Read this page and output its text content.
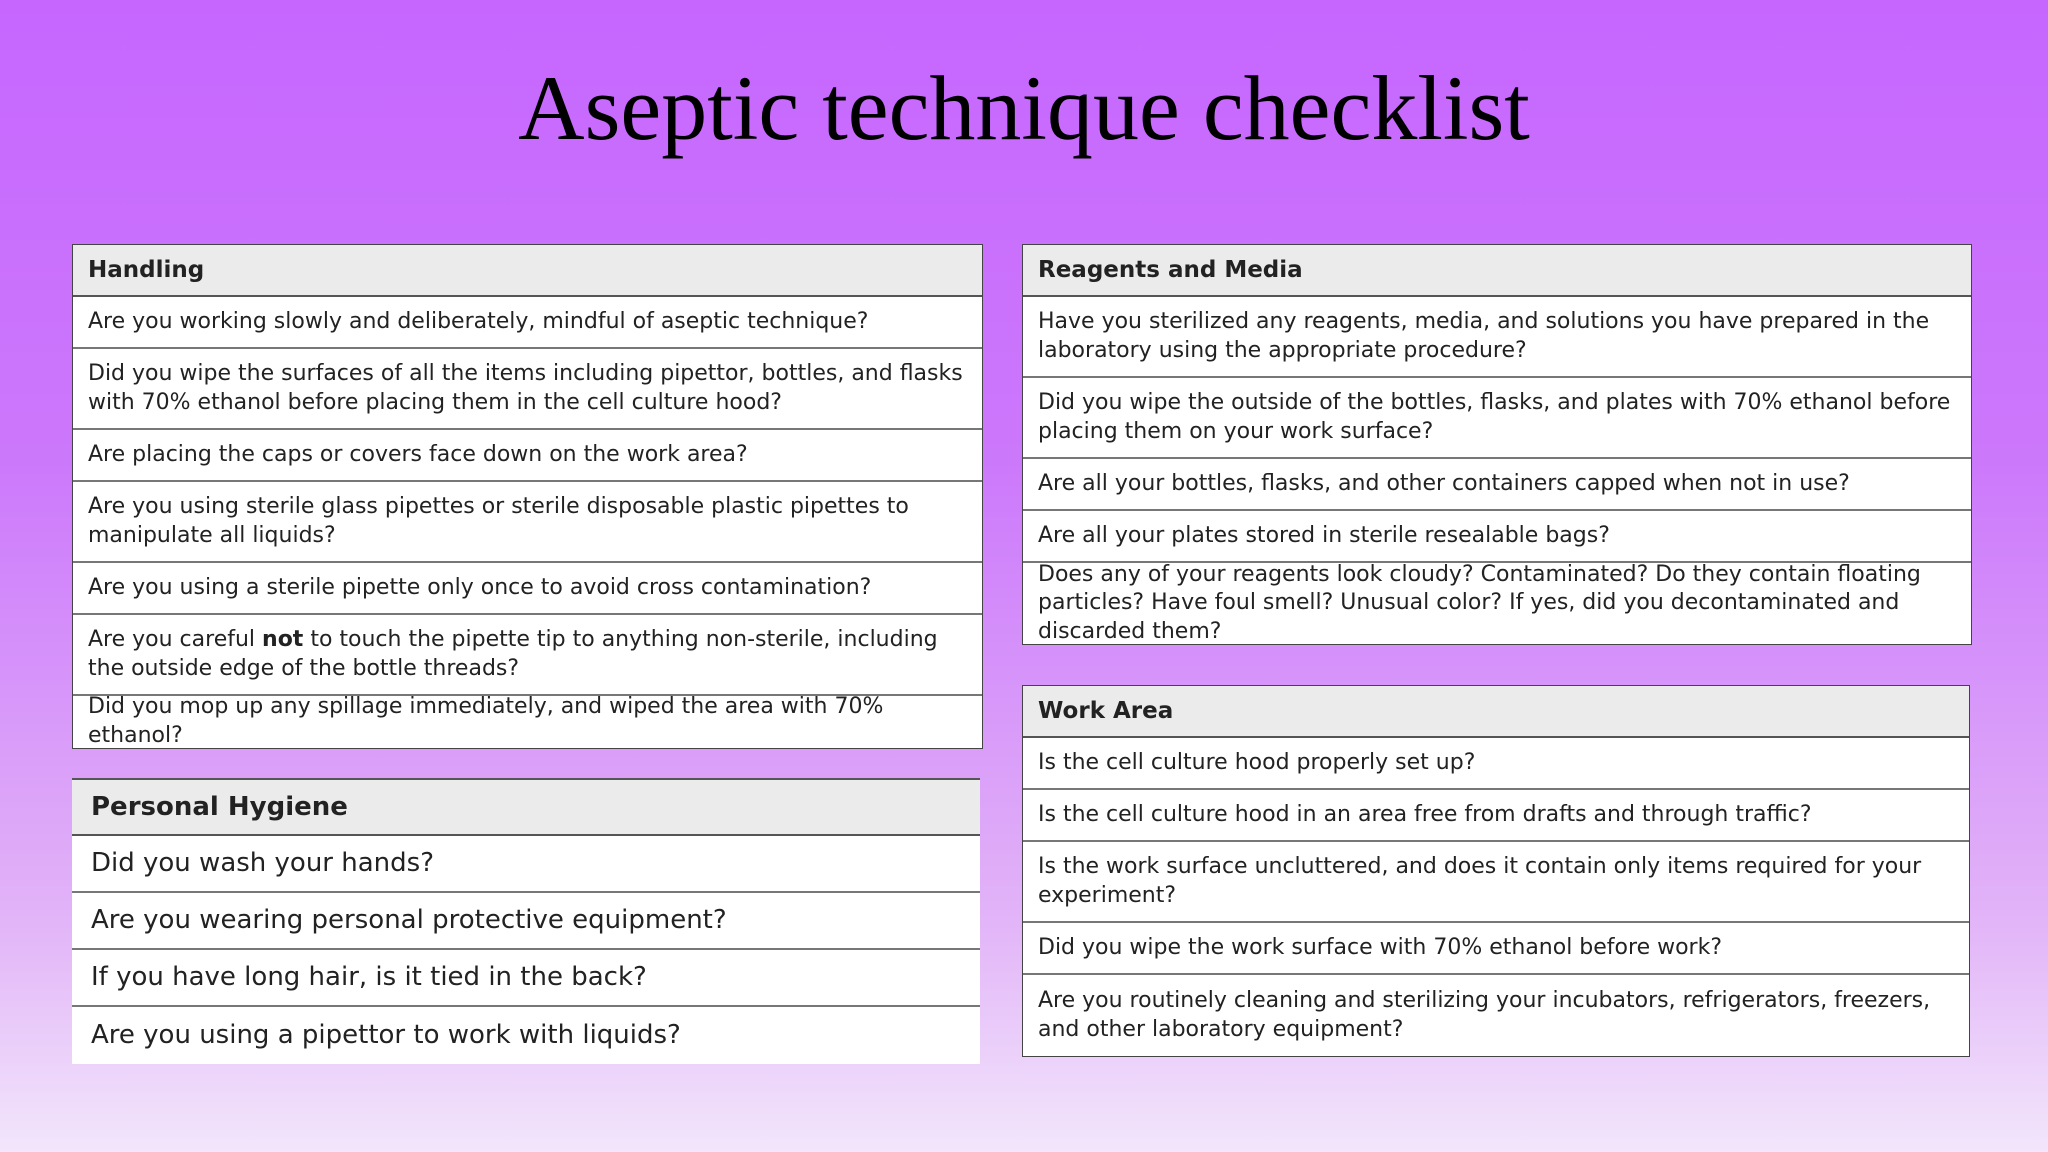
Aseptic technique checklist
Handling
Are you working slowly and deliberately, mindful of aseptic technique?
Did you wipe the surfaces of all the items including pipettor, bottles, and flasks with 70% ethanol before placing them in the cell culture hood?
Are placing the caps or covers face down on the work area?
Are you using sterile glass pipettes or sterile disposable plastic pipettes to manipulate all liquids?
Are you using a sterile pipette only once to avoid cross contamination?
Are you careful not to touch the pipette tip to anything non-sterile, including the outside edge of the bottle threads?
Did you mop up any spillage immediately, and wiped the area with 70% ethanol?
Personal Hygiene
Did you wash your hands?
Are you wearing personal protective equipment?
If you have long hair, is it tied in the back?
Are you using a pipettor to work with liquids?
Reagents and Media
Have you sterilized any reagents, media, and solutions you have prepared in the laboratory using the appropriate procedure?
Did you wipe the outside of the bottles, flasks, and plates with 70% ethanol before placing them on your work surface?
Are all your bottles, flasks, and other containers capped when not in use?
Are all your plates stored in sterile resealable bags?
Does any of your reagents look cloudy? Contaminated? Do they contain floating particles? Have foul smell? Unusual color? If yes, did you decontaminated and discarded them?
Work Area
Is the cell culture hood properly set up?
Is the cell culture hood in an area free from drafts and through traffic?
Is the work surface uncluttered, and does it contain only items required for your experiment?
Did you wipe the work surface with 70% ethanol before work?
Are you routinely cleaning and sterilizing your incubators, refrigerators, freezers, and other laboratory equipment?
